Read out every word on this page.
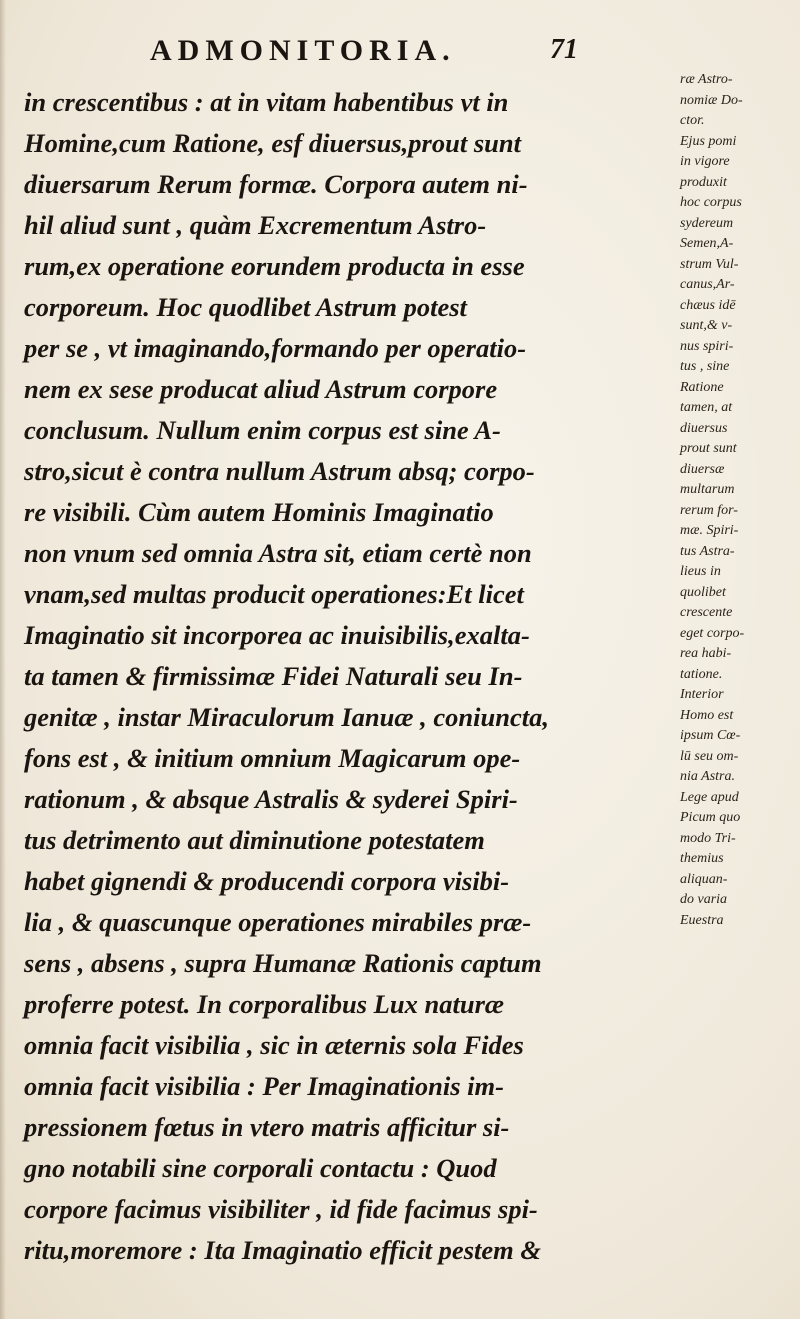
ADMONITORIA.	71
in crescentibus : at in vitam habentibus vt in
Homine,cum Ratione, esf diuersus,prout sunt
diuersarum Rerum formæ. Corpora autem ni-
hil aliud sunt , quàm Excrementum Astro-
rum,ex operatione eorundem producta in esse
corporeum. Hoc quodlibet Astrum potest
per se , vt imaginando,formando per operatio-
nem ex sese producat aliud Astrum corpore
conclusum. Nullum enim corpus est sine A-
stro,sicut è contra nullum Astrum absq; corpo-
re visibili. Cùm autem Hominis Imaginatio
non vnum sed omnia Astra sit, etiam certè non
vnam,sed multas producit operationes:Et licet
Imaginatio sit incorporea ac inuisibilis,exalta-
ta tamen & firmissimæ Fidei Naturali seu In-
genitæ , instar Miraculorum Ianuæ , coniuncta,
fons est , & initium omnium Magicarum ope-
rationum , & absque Astralis & syderei Spiri-
tus detrimento aut diminutione potestatem
habet gignendi & producendi corpora visibi-
lia , & quascunque operationes mirabiles præ-
sens , absens , supra Humanæ Rationis captum
proferre potest. In corporalibus Lux naturæ
omnia facit visibilia , sic in æternis sola Fides
omnia facit visibilia : Per Imaginationis im-
pressionem fœtus in vtero matris afficitur si-
gno notabili sine corporali contactu : Quod
corpore facimus visibiliter , id fide facimus spi-
ritu,moremore : Ita Imaginatio efficit pestem &
ræ Astro-
nomiæ Do-
ctor.
Ejus pomi
in vigore
produxit
hoc corpus
sydereum
Semen,A-
strum Vul-
canus,Ar-
chæus idē
sunt,& v-
nus spiri-
tus , sine
Ratione
tamen, at
diuersus
prout sunt
diuersæ
multarum
rerum for-
mæ. Spiri-
tus Astra-
lieus in
quolibet
crescente
eget corpo-
rea habi-
tatione.
Interior
Homo est
ipsum Cœ-
lū seu om-
nia Astra.
Lege apud
Picum quo
modo Tri-
themius
aliquan-
do varia
Euestra
